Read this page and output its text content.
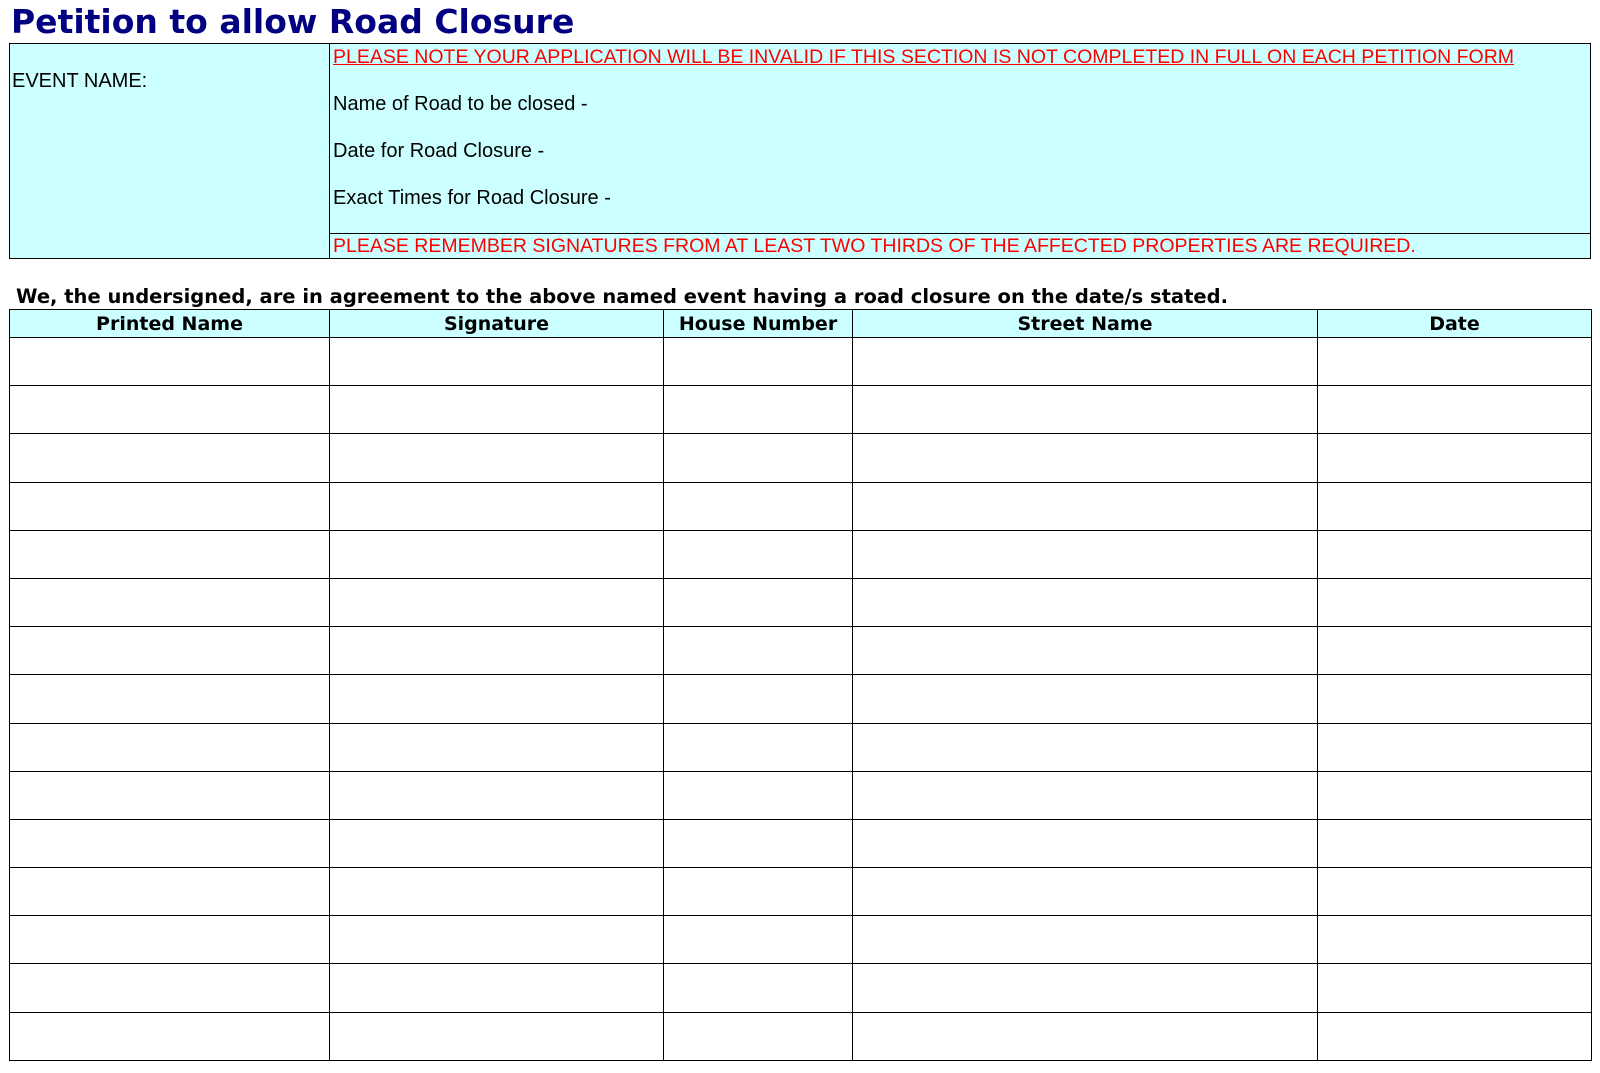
Petition to allow Road Closure
EVENT NAME:
PLEASE NOTE YOUR APPLICATION WILL BE INVALID IF THIS SECTION IS NOT COMPLETED IN FULL ON EACH PETITION FORM
Name of Road to be closed -
Date for Road Closure -
Exact Times for Road Closure -
PLEASE REMEMBER SIGNATURES FROM AT LEAST TWO THIRDS OF THE AFFECTED PROPERTIES ARE REQUIRED.
We, the undersigned, are in agreement to the above named event having a road closure on the date/s stated.
Printed Name	Signature	House Number	Street Name	Date
